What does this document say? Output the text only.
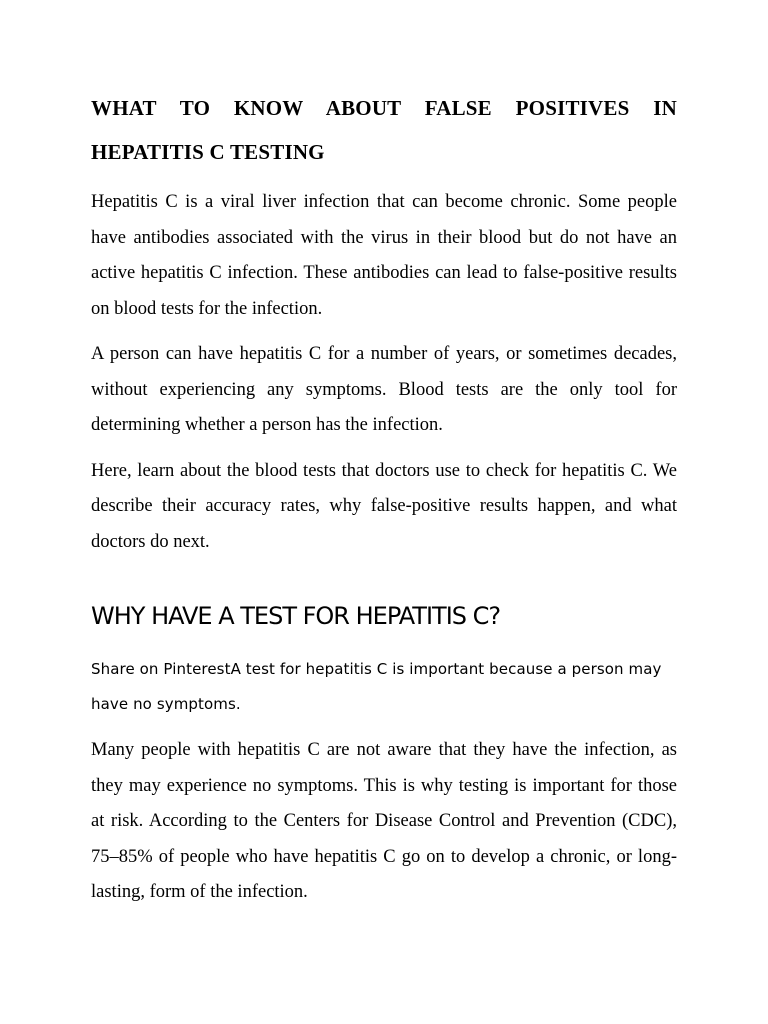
WHAT TO KNOW ABOUT FALSE POSITIVES IN HEPATITIS C TESTING

Hepatitis C is a viral liver infection that can become chronic. Some people have antibodies associated with the virus in their blood but do not have an active hepatitis C infection. These antibodies can lead to false-positive results on blood tests for the infection.

A person can have hepatitis C for a number of years, or sometimes decades, without experiencing any symptoms. Blood tests are the only tool for determining whether a person has the infection.

Here, learn about the blood tests that doctors use to check for hepatitis C. We describe their accuracy rates, why false-positive results happen, and what doctors do next.

WHY HAVE A TEST FOR HEPATITIS C?

Share on PinterestA test for hepatitis C is important because a person may have no symptoms.

Many people with hepatitis C are not aware that they have the infection, as they may experience no symptoms. This is why testing is important for those at risk. According to the Centers for Disease Control and Prevention (CDC), 75–85% of people who have hepatitis C go on to develop a chronic, or long-lasting, form of the infection.
